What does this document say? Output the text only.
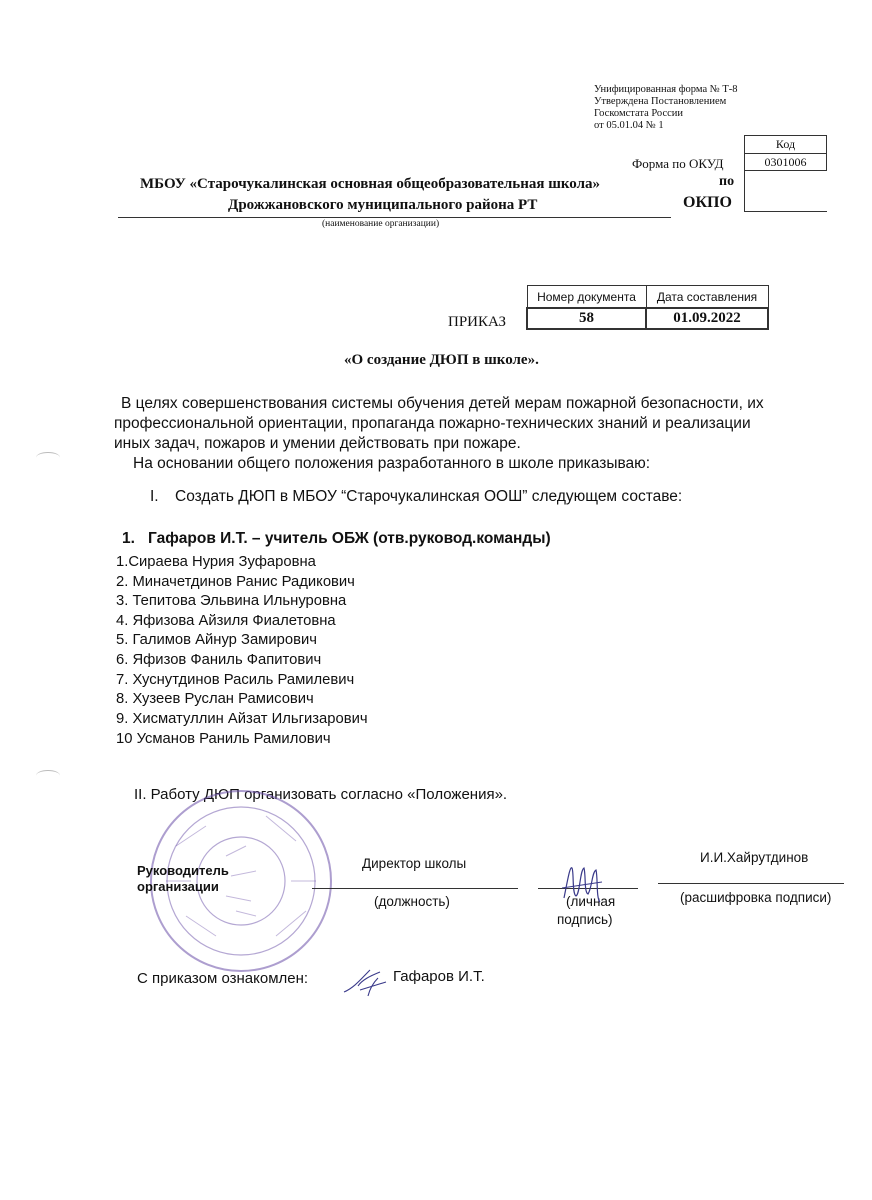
Унифицированная форма № Т-8
Утверждена Постановлением
Госкомстата России
от 05.01.04 № 1
Код
0301006
Форма по ОКУД
по
ОКПО
МБОУ «Старочукалинская основная общеобразовательная школа»
Дрожжановского муниципального района РТ
(наименование организации)
Номер документа	Дата составления
58	01.09.2022
ПРИКАЗ
«О создание ДЮП в школе».
В целях совершенствования системы обучения детей мерам пожарной безопасности, их
профессиональной ориентации, пропаганда пожарно-технических знаний и реализации
иных задач, пожаров и умении действовать при пожаре.
На основании общего положения разработанного в школе приказываю:
I. Создать ДЮП в МБОУ “Старочукалинская ООШ” следующем составе:
1. Гафаров И.Т. – учитель ОБЖ (отв.руковод.команды)
1.Сираева Нурия Зуфаровна
2. Миначетдинов Ранис Радикович
3. Тепитова Эльвина Ильнуровна
4. Яфизова Айзиля Фиалетовна
5. Галимов Айнур Замирович
6. Яфизов Фаниль Фапитович
7. Хуснутдинов Расиль Рамилевич
8. Хузеев Руслан Рамисович
9. Хисматуллин Айзат Ильгизарович
10 Усманов Раниль Рамилович
II. Работу ДЮП организовать согласно «Положения».
Руководитель
организации
Директор школы
(должность)	(личная
подпись)
И.И.Хайрутдинов
(расшифровка подписи)
С приказом ознакомлен:	Гафаров И.Т.
